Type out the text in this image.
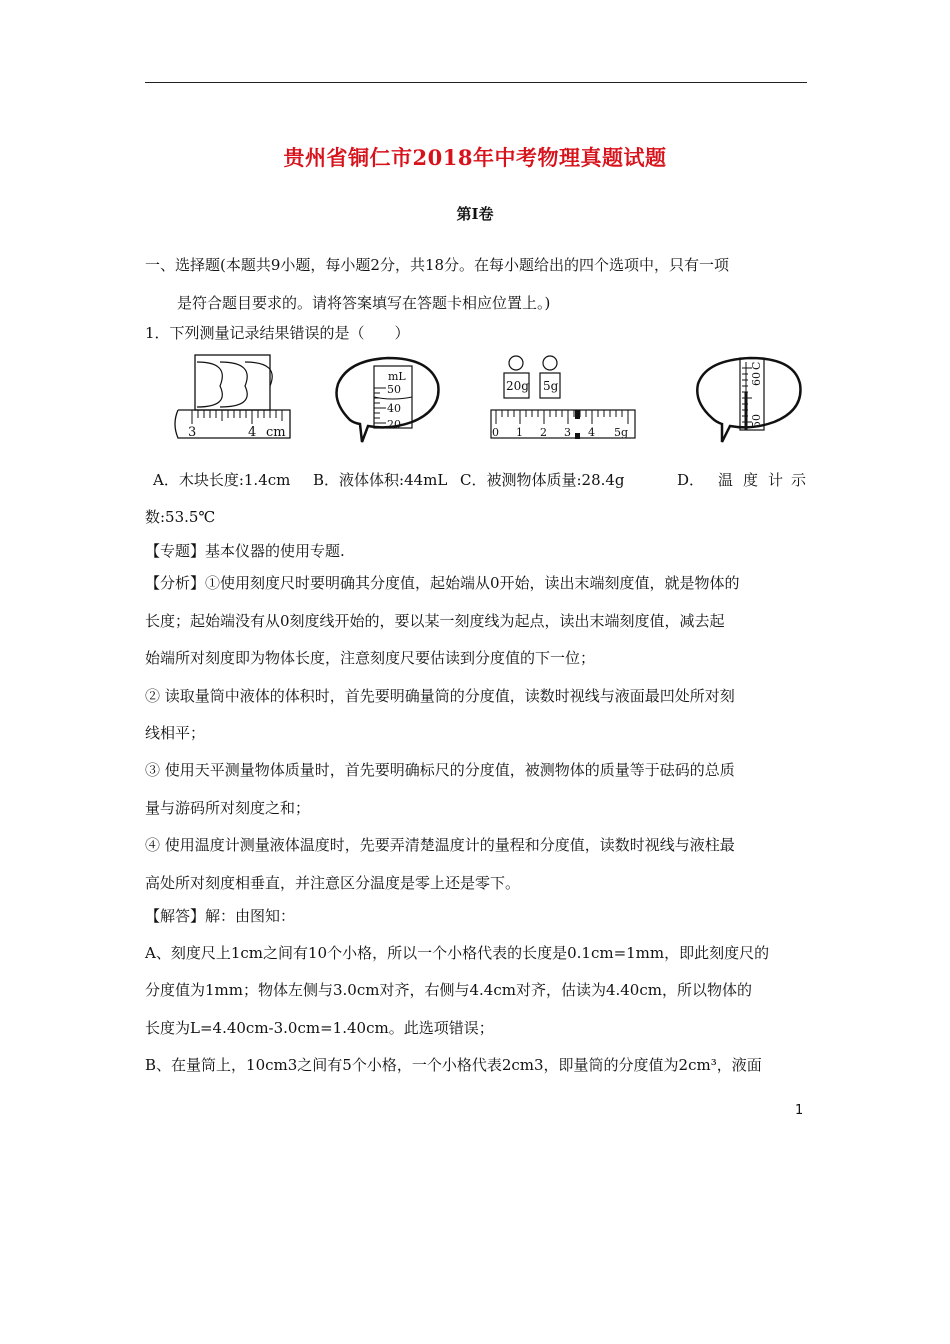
贵州省铜仁市2018年中考物理真题试题
第I卷
一、选择题(本题共9小题，每小题2分，共18分。在每小题给出的四个选项中，只有一项
是符合题目要求的。请将答案填写在答题卡相应位置上。)
1．下列测量记录结果错误的是（　　）
3	4 cm
mL
50
40
20
20g 5g
0 1 2 3 4 5g
60
C
50
A．木块长度:1.4cm B．液体体积:44mL C．被测物体质量:28.4g	D． 温 度 计 示
数:53.5℃
【专题】基本仪器的使用专题.
【分析】①使用刻度尺时要明确其分度值，起始端从0开始，读出末端刻度值，就是物体的
长度；起始端没有从0刻度线开始的，要以某一刻度线为起点，读出末端刻度值，减去起
始端所对刻度即为物体长度，注意刻度尺要估读到分度值的下一位；
② 读取量筒中液体的体积时，首先要明确量筒的分度值，读数时视线与液面最凹处所对刻
线相平；
③ 使用天平测量物体质量时，首先要明确标尺的分度值，被测物体的质量等于砝码的总质
量与游码所对刻度之和；
④ 使用温度计测量液体温度时，先要弄清楚温度计的量程和分度值，读数时视线与液柱最
高处所对刻度相垂直，并注意区分温度是零上还是零下。
【解答】解：由图知：
A、刻度尺上1cm之间有10个小格，所以一个小格代表的长度是0.1cm=1mm，即此刻度尺的
分度值为1mm；物体左侧与3.0cm对齐，右侧与4.4cm对齐，估读为4.40cm，所以物体的
长度为L=4.40cm-3.0cm=1.40cm。此选项错误；
B、在量筒上，10cm3之间有5个小格，一个小格代表2cm3，即量筒的分度值为2cm³，液面
1
